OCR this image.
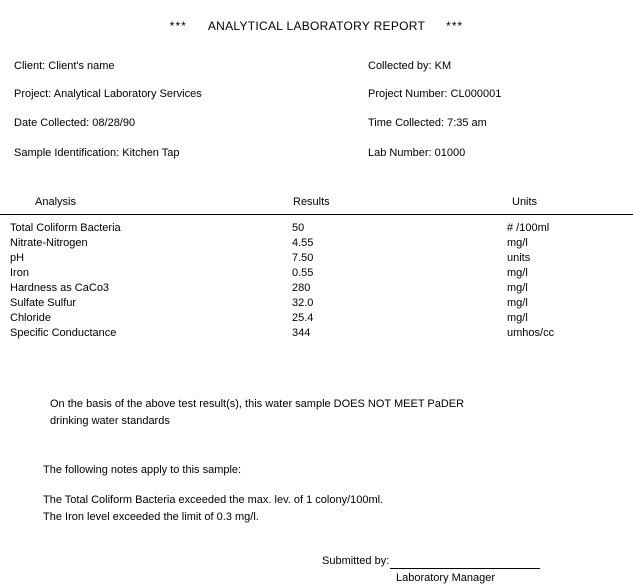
*** ANALYTICAL LABORATORY REPORT ***
Client: Client's name	Collected by: KM
Project: Analytical Laboratory Services	Project Number: CL000001
Date Collected: 08/28/90	Time Collected: 7:35 am
Sample Identification: Kitchen Tap	Lab Number: 01000
Analysis	Results	Units
Total Coliform Bacteria	50	# /100ml
Nitrate-Nitrogen	4.55	mg/l
pH	7.50	units
Iron	0.55	mg/l
Hardness as CaCo3	280	mg/l
Sulfate Sulfur	32.0	mg/l
Chloride	25.4	mg/l
Specific Conductance	344	umhos/cc
On the basis of the above test result(s), this water sample DOES NOT MEET PaDER
drinking water standards
The following notes apply to this sample:
The Total Coliform Bacteria exceeded the max. lev. of 1 colony/100ml.
The Iron level exceeded the limit of 0.3 mg/l.
Submitted by:
Laboratory Manager
